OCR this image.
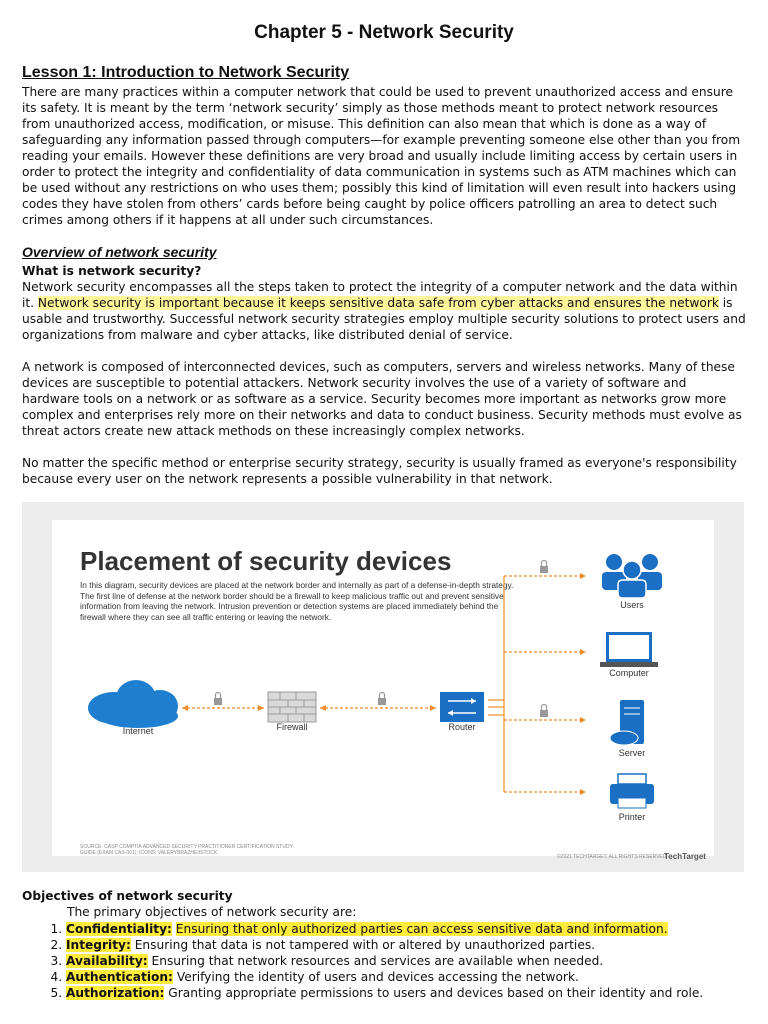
Chapter 5 - Network Security
Lesson 1: Introduction to Network Security

There are many practices within a computer network that could be used to prevent unauthorized access and ensure its safety. It is meant by the term ‘network security’ simply as those methods meant to protect network resources from unauthorized access, modification, or misuse. This definition can also mean that which is done as a way of safeguarding any information passed through computers—for example preventing someone else other than you from reading your emails. However these definitions are very broad and usually include limiting access by certain users in order to protect the integrity and confidentiality of data communication in systems such as ATM machines which can be used without any restrictions on who uses them; possibly this kind of limitation will even result into hackers using codes they have stolen from others’ cards before being caught by police officers patrolling an area to detect such crimes among others if it happens at all under such circumstances.

Overview of network security
What is network security?
Network security encompasses all the steps taken to protect the integrity of a computer network and the data within it. Network security is important because it keeps sensitive data safe from cyber attacks and ensures the network is usable and trustworthy. Successful network security strategies employ multiple security solutions to protect users and organizations from malware and cyber attacks, like distributed denial of service.

A network is composed of interconnected devices, such as computers, servers and wireless networks. Many of these devices are susceptible to potential attackers. Network security involves the use of a variety of software and hardware tools on a network or as software as a service. Security becomes more important as networks grow more complex and enterprises rely more on their networks and data to conduct business. Security methods must evolve as threat actors create new attack methods on these increasingly complex networks.

No matter the specific method or enterprise security strategy, security is usually framed as everyone's responsibility because every user on the network represents a possible vulnerability in that network.

Placement of security devices

In this diagram, security devices are placed at the network border and internally as part of a defense-in-depth strategy. The first line of defense at the network border should be a firewall to keep malicious traffic out and prevent sensitive information from leaving the network. Intrusion prevention or detection systems are placed immediately behind the firewall where they can see all traffic entering or leaving the network.

Internet	Firewall	Router
Users
Computer
Server
Printer
SOURCE: CASP COMPTIA ADVANCED SECURITY PRACTITIONER CERTIFICATION STUDY GUIDE (EXAM CAS-001); ICONS: VALERYBRAZHE/ISTOCK
©2021 TECHTARGET. ALL RIGHTS RESERVED
TechTarget

Objectives of network security

The primary objectives of network security are:

1. Confidentiality: Ensuring that only authorized parties can access sensitive data and information.
2. Integrity: Ensuring that data is not tampered with or altered by unauthorized parties.
3. Availability: Ensuring that network resources and services are available when needed.
4. Authentication: Verifying the identity of users and devices accessing the network.
5. Authorization: Granting appropriate permissions to users and devices based on their identity and role.
